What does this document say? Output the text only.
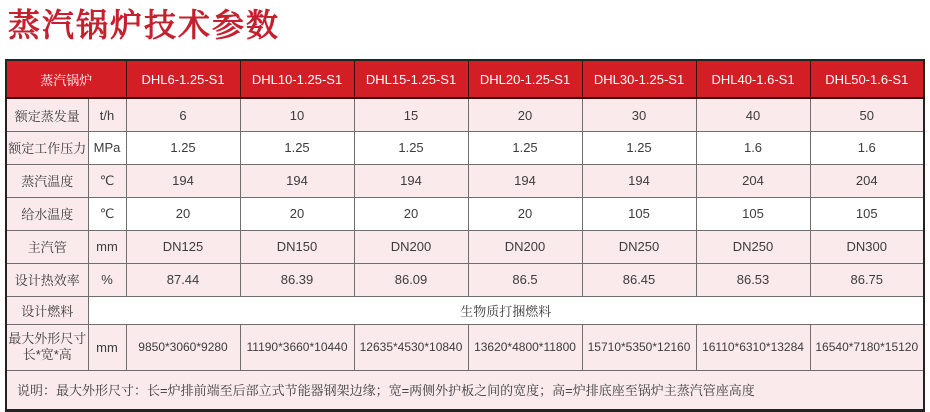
蒸汽锅炉技术参数
蒸汽锅炉		DHL6-1.25-S1	DHL10-1.25-S1	DHL15-1.25-S1	DHL20-1.25-S1	DHL30-1.25-S1	DHL40-1.6-S1	DHL50-1.6-S1
额定蒸发量	t/h	6	10	15	20	30	40	50
额定工作压力	MPa	1.25	1.25	1.25	1.25	1.25	1.6	1.6
蒸汽温度	℃	194	194	194	194	194	204	204
给水温度	℃	20	20	20	20	105	105	105
主汽管	mm	DN125	DN150	DN200	DN200	DN250	DN250	DN300
设计热效率	%	87.44	86.39	86.09	86.5	86.45	86.53	86.75
设计燃料	生物质打捆燃料							

最大外形尺寸
长*宽*高	mm	9850*3060*9280	11190*3660*10440	12635*4530*10840	13620*4800*11800	15710*5350*12160	16110*6310*13284	16540*7180*15120
说明：最大外形尺寸：长=炉排前端至后部立式节能器钢架边缘；宽=两侧外护板之间的宽度；高=炉排底座至锅炉主蒸汽管座高度								
